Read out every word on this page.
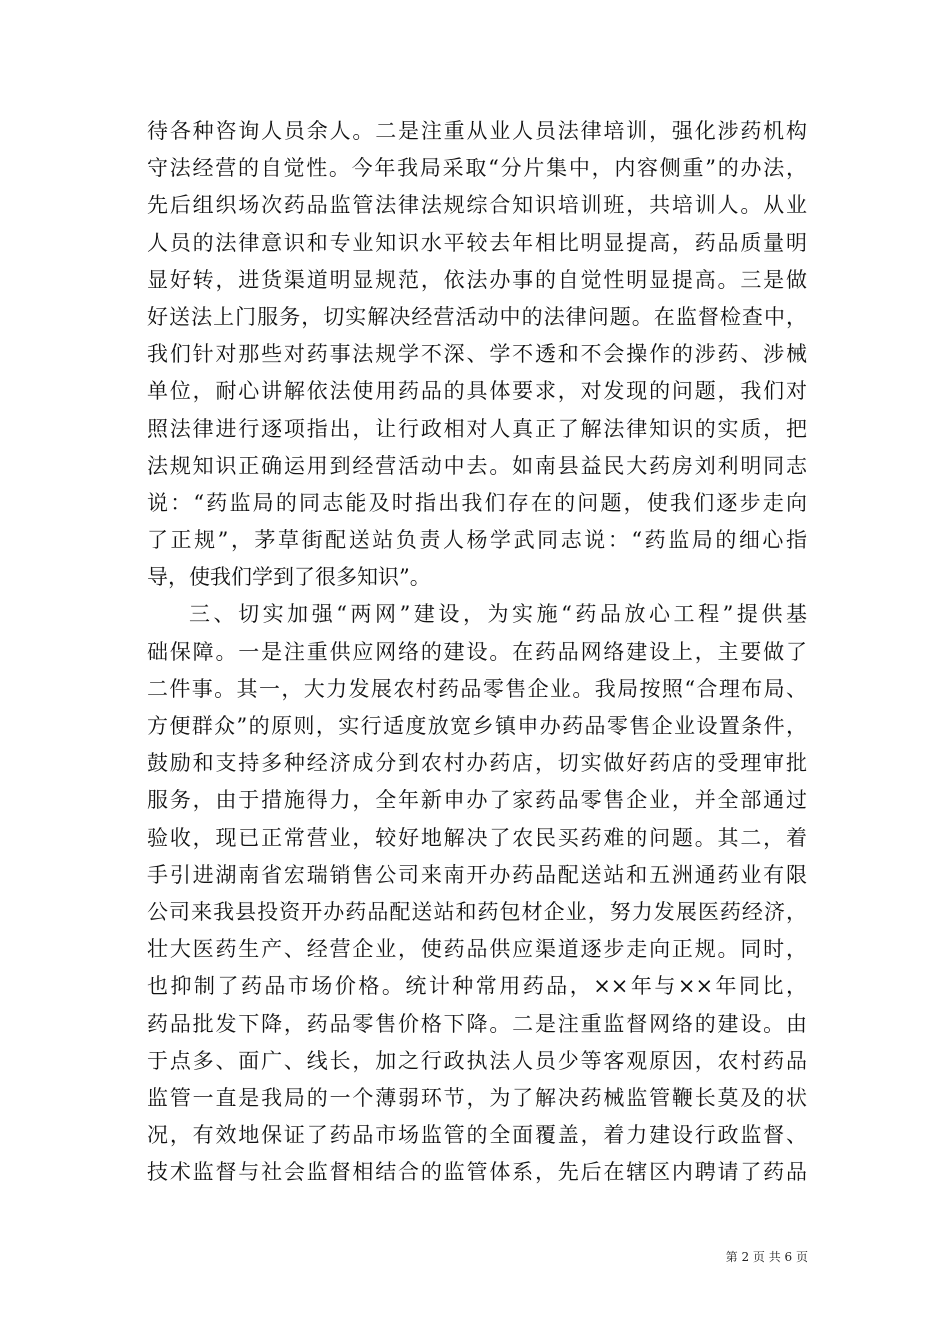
待各种咨询人员余人。二是注重从业人员法律培训，强化涉药机构
守法经营的自觉性。今年我局采取“分片集中，内容侧重”的办法，
先后组织场次药品监管法律法规综合知识培训班，共培训人。从业
人员的法律意识和专业知识水平较去年相比明显提高，药品质量明
显好转，进货渠道明显规范，依法办事的自觉性明显提高。三是做
好送法上门服务，切实解决经营活动中的法律问题。在监督检查中，
我们针对那些对药事法规学不深、学不透和不会操作的涉药、涉械
单位，耐心讲解依法使用药品的具体要求，对发现的问题，我们对
照法律进行逐项指出，让行政相对人真正了解法律知识的实质，把
法规知识正确运用到经营活动中去。如南县益民大药房刘利明同志
说：“药监局的同志能及时指出我们存在的问题，使我们逐步走向
了正规”，茅草街配送站负责人杨学武同志说：“药监局的细心指
导，使我们学到了很多知识”。
三、切实加强“两网”建设，为实施“药品放心工程”提供基
础保障。一是注重供应网络的建设。在药品网络建设上，主要做了
二件事。其一，大力发展农村药品零售企业。我局按照“合理布局、
方便群众”的原则，实行适度放宽乡镇申办药品零售企业设置条件，
鼓励和支持多种经济成分到农村办药店，切实做好药店的受理审批
服务，由于措施得力，全年新申办了家药品零售企业，并全部通过
验收，现已正常营业，较好地解决了农民买药难的问题。其二，着
手引进湖南省宏瑞销售公司来南开办药品配送站和五洲通药业有限
公司来我县投资开办药品配送站和药包材企业，努力发展医药经济，
壮大医药生产、经营企业，使药品供应渠道逐步走向正规。同时，
也抑制了药品市场价格。统计种常用药品，××年与××年同比，
药品批发下降，药品零售价格下降。二是注重监督网络的建设。由
于点多、面广、线长，加之行政执法人员少等客观原因，农村药品
监管一直是我局的一个薄弱环节，为了解决药械监管鞭长莫及的状
况，有效地保证了药品市场监管的全面覆盖，着力建设行政监督、
技术监督与社会监督相结合的监管体系，先后在辖区内聘请了药品
第 2 页 共 6 页
